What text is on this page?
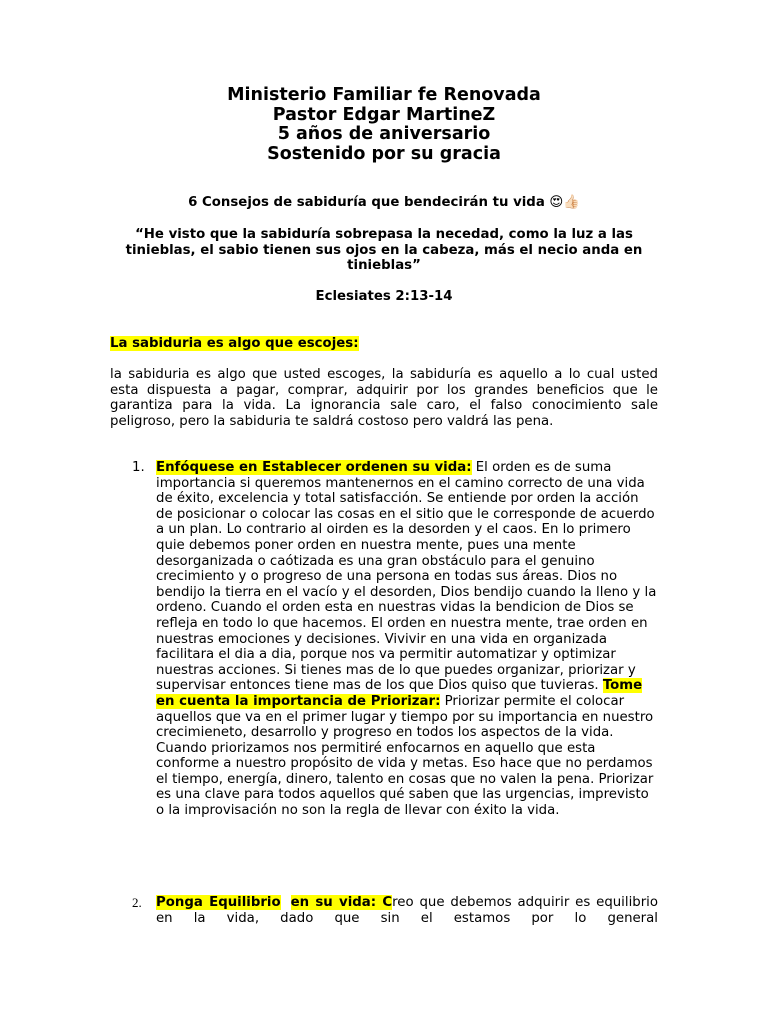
Ministerio Familiar fe Renovada
Pastor Edgar MartineZ
5 años de aniversario
Sostenido por su gracia
6 Consejos de sabiduría que bendecirán tu vida 😍👍🏻
“He visto que la sabiduría sobrepasa la necedad, como la luz a las tinieblas, el sabio tienen sus ojos en la cabeza, más el necio anda en tinieblas”
Eclesiates 2:13-14
La sabiduria es algo que escojes:
la sabiduria es algo que usted escoges, la sabiduría es aquello a lo cual usted esta dispuesta a pagar, comprar, adquirir por los grandes beneficios que le garantiza para la vida. La ignorancia sale caro, el falso conocimiento sale peligroso, pero la sabiduria te saldrá costoso pero valdrá las pena.
1. Enfóquese en Establecer ordenen su vida: El orden es de suma importancia si queremos mantenernos en el camino correcto de una vida de éxito, excelencia y total satisfacción. Se entiende por orden la acción de posicionar o colocar las cosas en el sitio que le corresponde de acuerdo a un plan. Lo contrario al oirden es la desorden y el caos. En lo primero quie debemos poner orden en nuestra mente, pues una mente desorganizada o caótizada es una gran obstáculo para el genuino crecimiento y o progreso de una persona en todas sus áreas. Dios no bendijo la tierra en el vacío y el desorden, Dios bendijo cuando la lleno y la ordeno. Cuando el orden esta en nuestras vidas la bendicion de Dios se refleja en todo lo que hacemos. El orden en nuestra mente, trae orden en nuestras emociones y decisiones. Vivivir en una vida en organizada facilitara el dia a dia, porque nos va permitir automatizar y optimizar nuestras acciones. Si tienes mas de lo que puedes organizar, priorizar y supervisar entonces tiene mas de los que Dios quiso que tuvieras. Tome en cuenta la importancia de Priorizar: Priorizar permite el colocar aquellos que va en el primer lugar y tiempo por su importancia en nuestro crecimieneto, desarrollo y progreso en todos los aspectos de la vida. Cuando priorizamos nos permitiré enfocarnos en aquello que esta conforme a nuestro propósito de vida y metas. Eso hace que no perdamos el tiempo, energía, dinero, talento en cosas que no valen la pena. Priorizar es una clave para todos aquellos qué saben que las urgencias, imprevisto o la improvisación no son la regla de llevar con éxito la vida.
2. Ponga Equilibrio en su vida: Creo que debemos adquirir es equilibrio en la vida, dado que sin el estamos por lo general
